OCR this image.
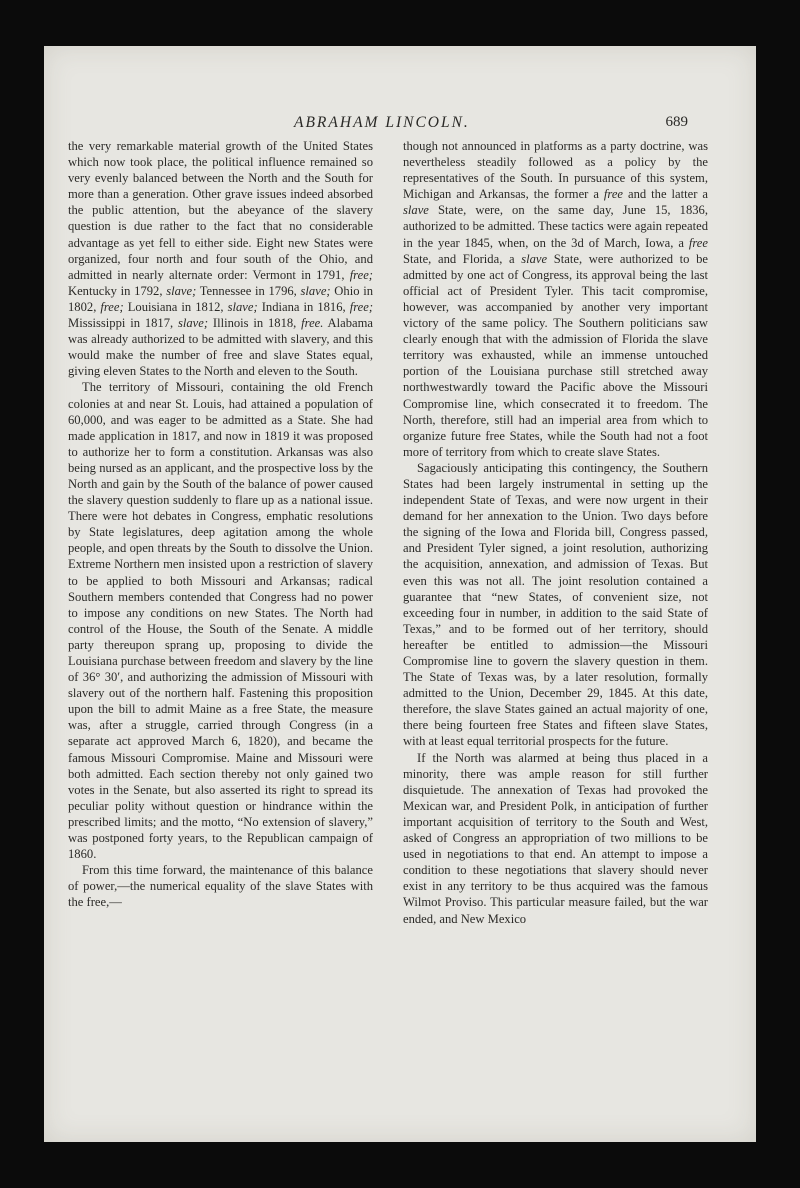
ABRAHAM LINCOLN.	689

the very remarkable material growth of the United States which now took place, the political influence remained so very evenly balanced between the North and the South for more than a generation. Other grave issues indeed absorbed the public attention, but the abeyance of the slavery question is due rather to the fact that no considerable advantage as yet fell to either side. Eight new States were organized, four north and four south of the Ohio, and admitted in nearly alternate order: Vermont in 1791, free; Kentucky in 1792, slave; Tennessee in 1796, slave; Ohio in 1802, free; Louisiana in 1812, slave; Indiana in 1816, free; Mississippi in 1817, slave; Illinois in 1818, free. Alabama was already authorized to be admitted with slavery, and this would make the number of free and slave States equal, giving eleven States to the North and eleven to the South.

The territory of Missouri, containing the old French colonies at and near St. Louis, had attained a population of 60,000, and was eager to be admitted as a State. She had made application in 1817, and now in 1819 it was proposed to authorize her to form a constitution. Arkansas was also being nursed as an applicant, and the prospective loss by the North and gain by the South of the balance of power caused the slavery question suddenly to flare up as a national issue. There were hot debates in Congress, emphatic resolutions by State legislatures, deep agitation among the whole people, and open threats by the South to dissolve the Union. Extreme Northern men insisted upon a restriction of slavery to be applied to both Missouri and Arkansas; radical Southern members contended that Congress had no power to impose any conditions on new States. The North had control of the House, the South of the Senate. A middle party thereupon sprang up, proposing to divide the Louisiana purchase between freedom and slavery by the line of 36° 30′, and authorizing the admission of Missouri with slavery out of the northern half. Fastening this proposition upon the bill to admit Maine as a free State, the measure was, after a struggle, carried through Congress (in a separate act approved March 6, 1820), and became the famous Missouri Compromise. Maine and Missouri were both admitted. Each section thereby not only gained two votes in the Senate, but also asserted its right to spread its peculiar polity without question or hindrance within the prescribed limits; and the motto, “No extension of slavery,” was postponed forty years, to the Republican campaign of 1860.

From this time forward, the maintenance of this balance of power,—the numerical equality of the slave States with the free,—

though not announced in platforms as a party doctrine, was nevertheless steadily followed as a policy by the representatives of the South. In pursuance of this system, Michigan and Arkansas, the former a free and the latter a slave State, were, on the same day, June 15, 1836, authorized to be admitted. These tactics were again repeated in the year 1845, when, on the 3d of March, Iowa, a free State, and Florida, a slave State, were authorized to be admitted by one act of Congress, its approval being the last official act of President Tyler. This tacit compromise, however, was accompanied by another very important victory of the same policy. The Southern politicians saw clearly enough that with the admission of Florida the slave territory was exhausted, while an immense untouched portion of the Louisiana purchase still stretched away northwestwardly toward the Pacific above the Missouri Compromise line, which consecrated it to freedom. The North, therefore, still had an imperial area from which to organize future free States, while the South had not a foot more of territory from which to create slave States.

Sagaciously anticipating this contingency, the Southern States had been largely instrumental in setting up the independent State of Texas, and were now urgent in their demand for her annexation to the Union. Two days before the signing of the Iowa and Florida bill, Congress passed, and President Tyler signed, a joint resolution, authorizing the acquisition, annexation, and admission of Texas. But even this was not all. The joint resolution contained a guarantee that “new States, of convenient size, not exceeding four in number, in addition to the said State of Texas,” and to be formed out of her territory, should hereafter be entitled to admission—the Missouri Compromise line to govern the slavery question in them. The State of Texas was, by a later resolution, formally admitted to the Union, December 29, 1845. At this date, therefore, the slave States gained an actual majority of one, there being fourteen free States and fifteen slave States, with at least equal territorial prospects for the future.

If the North was alarmed at being thus placed in a minority, there was ample reason for still further disquietude. The annexation of Texas had provoked the Mexican war, and President Polk, in anticipation of further important acquisition of territory to the South and West, asked of Congress an appropriation of two millions to be used in negotiations to that end. An attempt to impose a condition to these negotiations that slavery should never exist in any territory to be thus acquired was the famous Wilmot Proviso. This particular measure failed, but the war ended, and New Mexico
